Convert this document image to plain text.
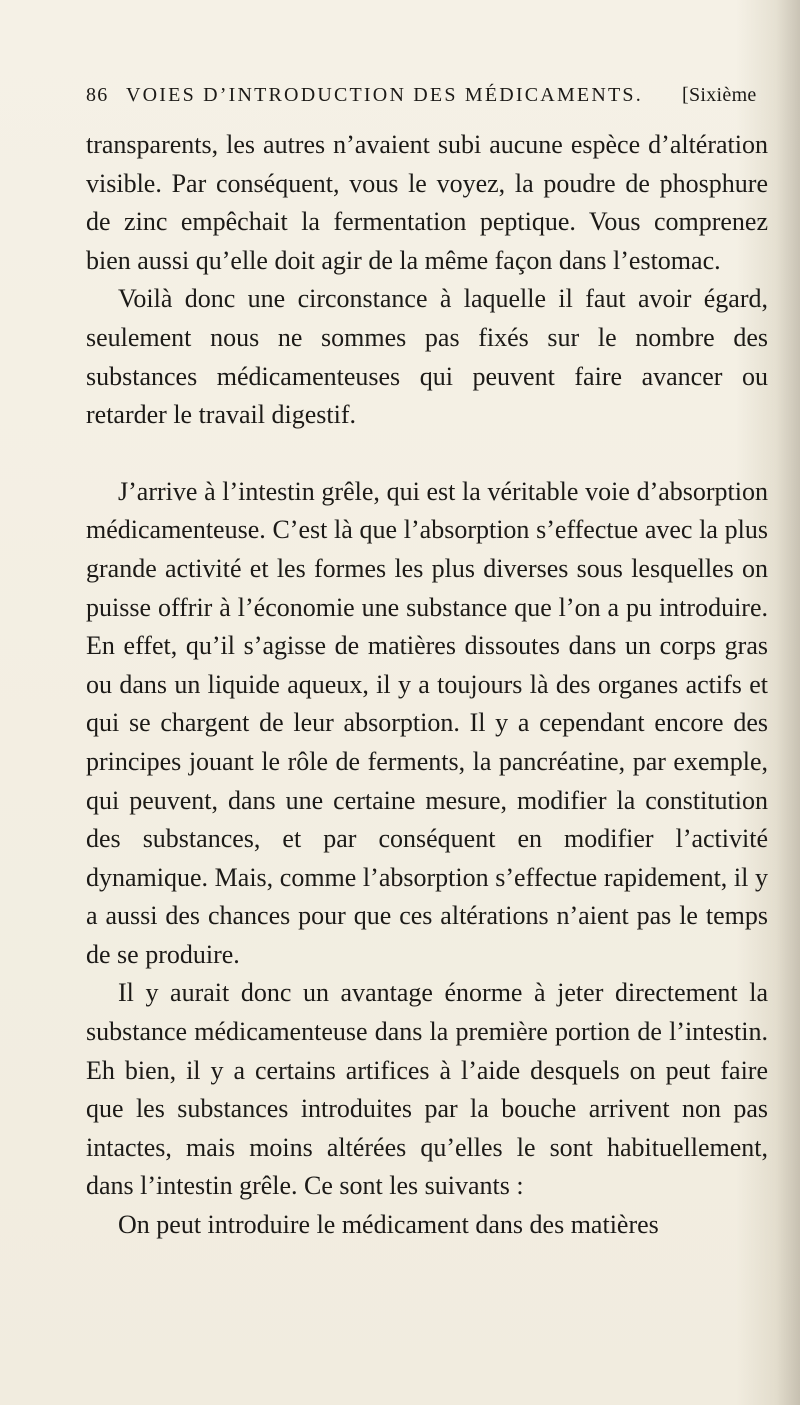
86 VOIES D’INTRODUCTION DES MÉDICAMENTS. [Sixième

transparents, les autres n’avaient subi aucune espèce d’altération visible. Par conséquent, vous le voyez, la poudre de phosphure de zinc empêchait la fermentation peptique. Vous comprenez bien aussi qu’elle doit agir de la même façon dans l’estomac.

Voilà donc une circonstance à laquelle il faut avoir égard, seulement nous ne sommes pas fixés sur le nombre des substances médicamenteuses qui peuvent faire avancer ou retarder le travail digestif.

J’arrive à l’intestin grêle, qui est la véritable voie d’absorption médicamenteuse. C’est là que l’absorption s’effectue avec la plus grande activité et les formes les plus diverses sous lesquelles on puisse offrir à l’économie une substance que l’on a pu introduire. En effet, qu’il s’agisse de matières dissoutes dans un corps gras ou dans un liquide aqueux, il y a toujours là des organes actifs et qui se chargent de leur absorption. Il y a cependant encore des principes jouant le rôle de ferments, la pancréatine, par exemple, qui peuvent, dans une certaine mesure, modifier la constitution des substances, et par conséquent en modifier l’activité dynamique. Mais, comme l’absorption s’effectue rapidement, il y a aussi des chances pour que ces altérations n’aient pas le temps de se produire.

Il y aurait donc un avantage énorme à jeter directement la substance médicamenteuse dans la première portion de l’intestin. Eh bien, il y a certains artifices à l’aide desquels on peut faire que les substances introduites par la bouche arrivent non pas intactes, mais moins altérées qu’elles le sont habituellement, dans l’intestin grêle. Ce sont les suivants :

On peut introduire le médicament dans des matières
